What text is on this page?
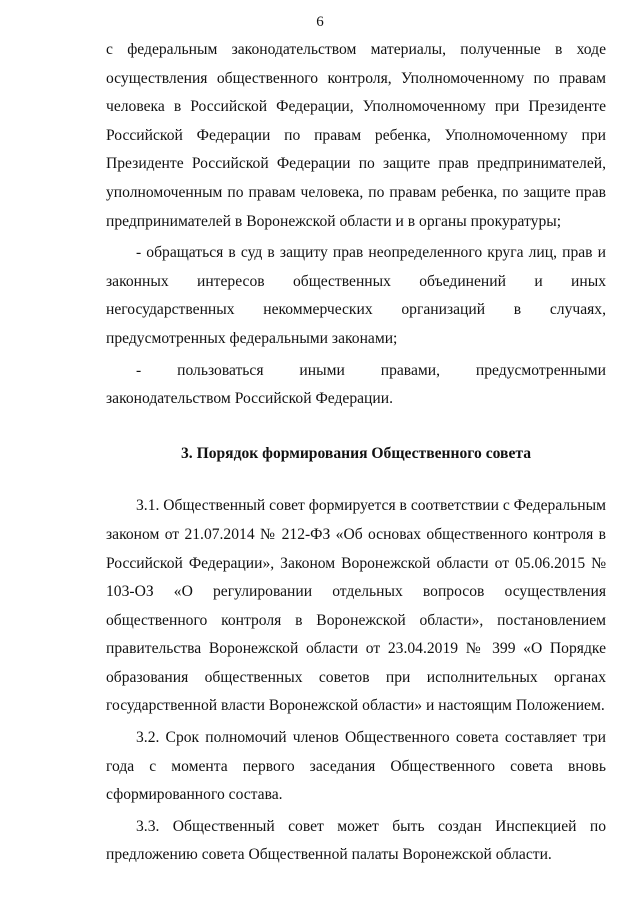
6

с федеральным законодательством материалы, полученные в ходе осуществления общественного контроля, Уполномоченному по правам человека в Российской Федерации, Уполномоченному при Президенте Российской Федерации по правам ребенка, Уполномоченному при Президенте Российской Федерации по защите прав предпринимателей, уполномоченным по правам человека, по правам ребенка, по защите прав предпринимателей в Воронежской области и в органы прокуратуры;

- обращаться в суд в защиту прав неопределенного круга лиц, прав и законных интересов общественных объединений и иных негосударственных некоммерческих организаций в случаях, предусмотренных федеральными законами;

- пользоваться иными правами, предусмотренными законодательством Российской Федерации.

3. Порядок формирования Общественного совета

3.1. Общественный совет формируется в соответствии с Федеральным законом от 21.07.2014 № 212-ФЗ «Об основах общественного контроля в Российской Федерации», Законом Воронежской области от 05.06.2015 № 103-ОЗ «О регулировании отдельных вопросов осуществления общественного контроля в Воронежской области», постановлением правительства Воронежской области от 23.04.2019 № 399 «О Порядке образования общественных советов при исполнительных органах государственной власти Воронежской области» и настоящим Положением.

3.2. Срок полномочий членов Общественного совета составляет три года с момента первого заседания Общественного совета вновь сформированного состава.

3.3. Общественный совет может быть создан Инспекцией по предложению совета Общественной палаты Воронежской области.
